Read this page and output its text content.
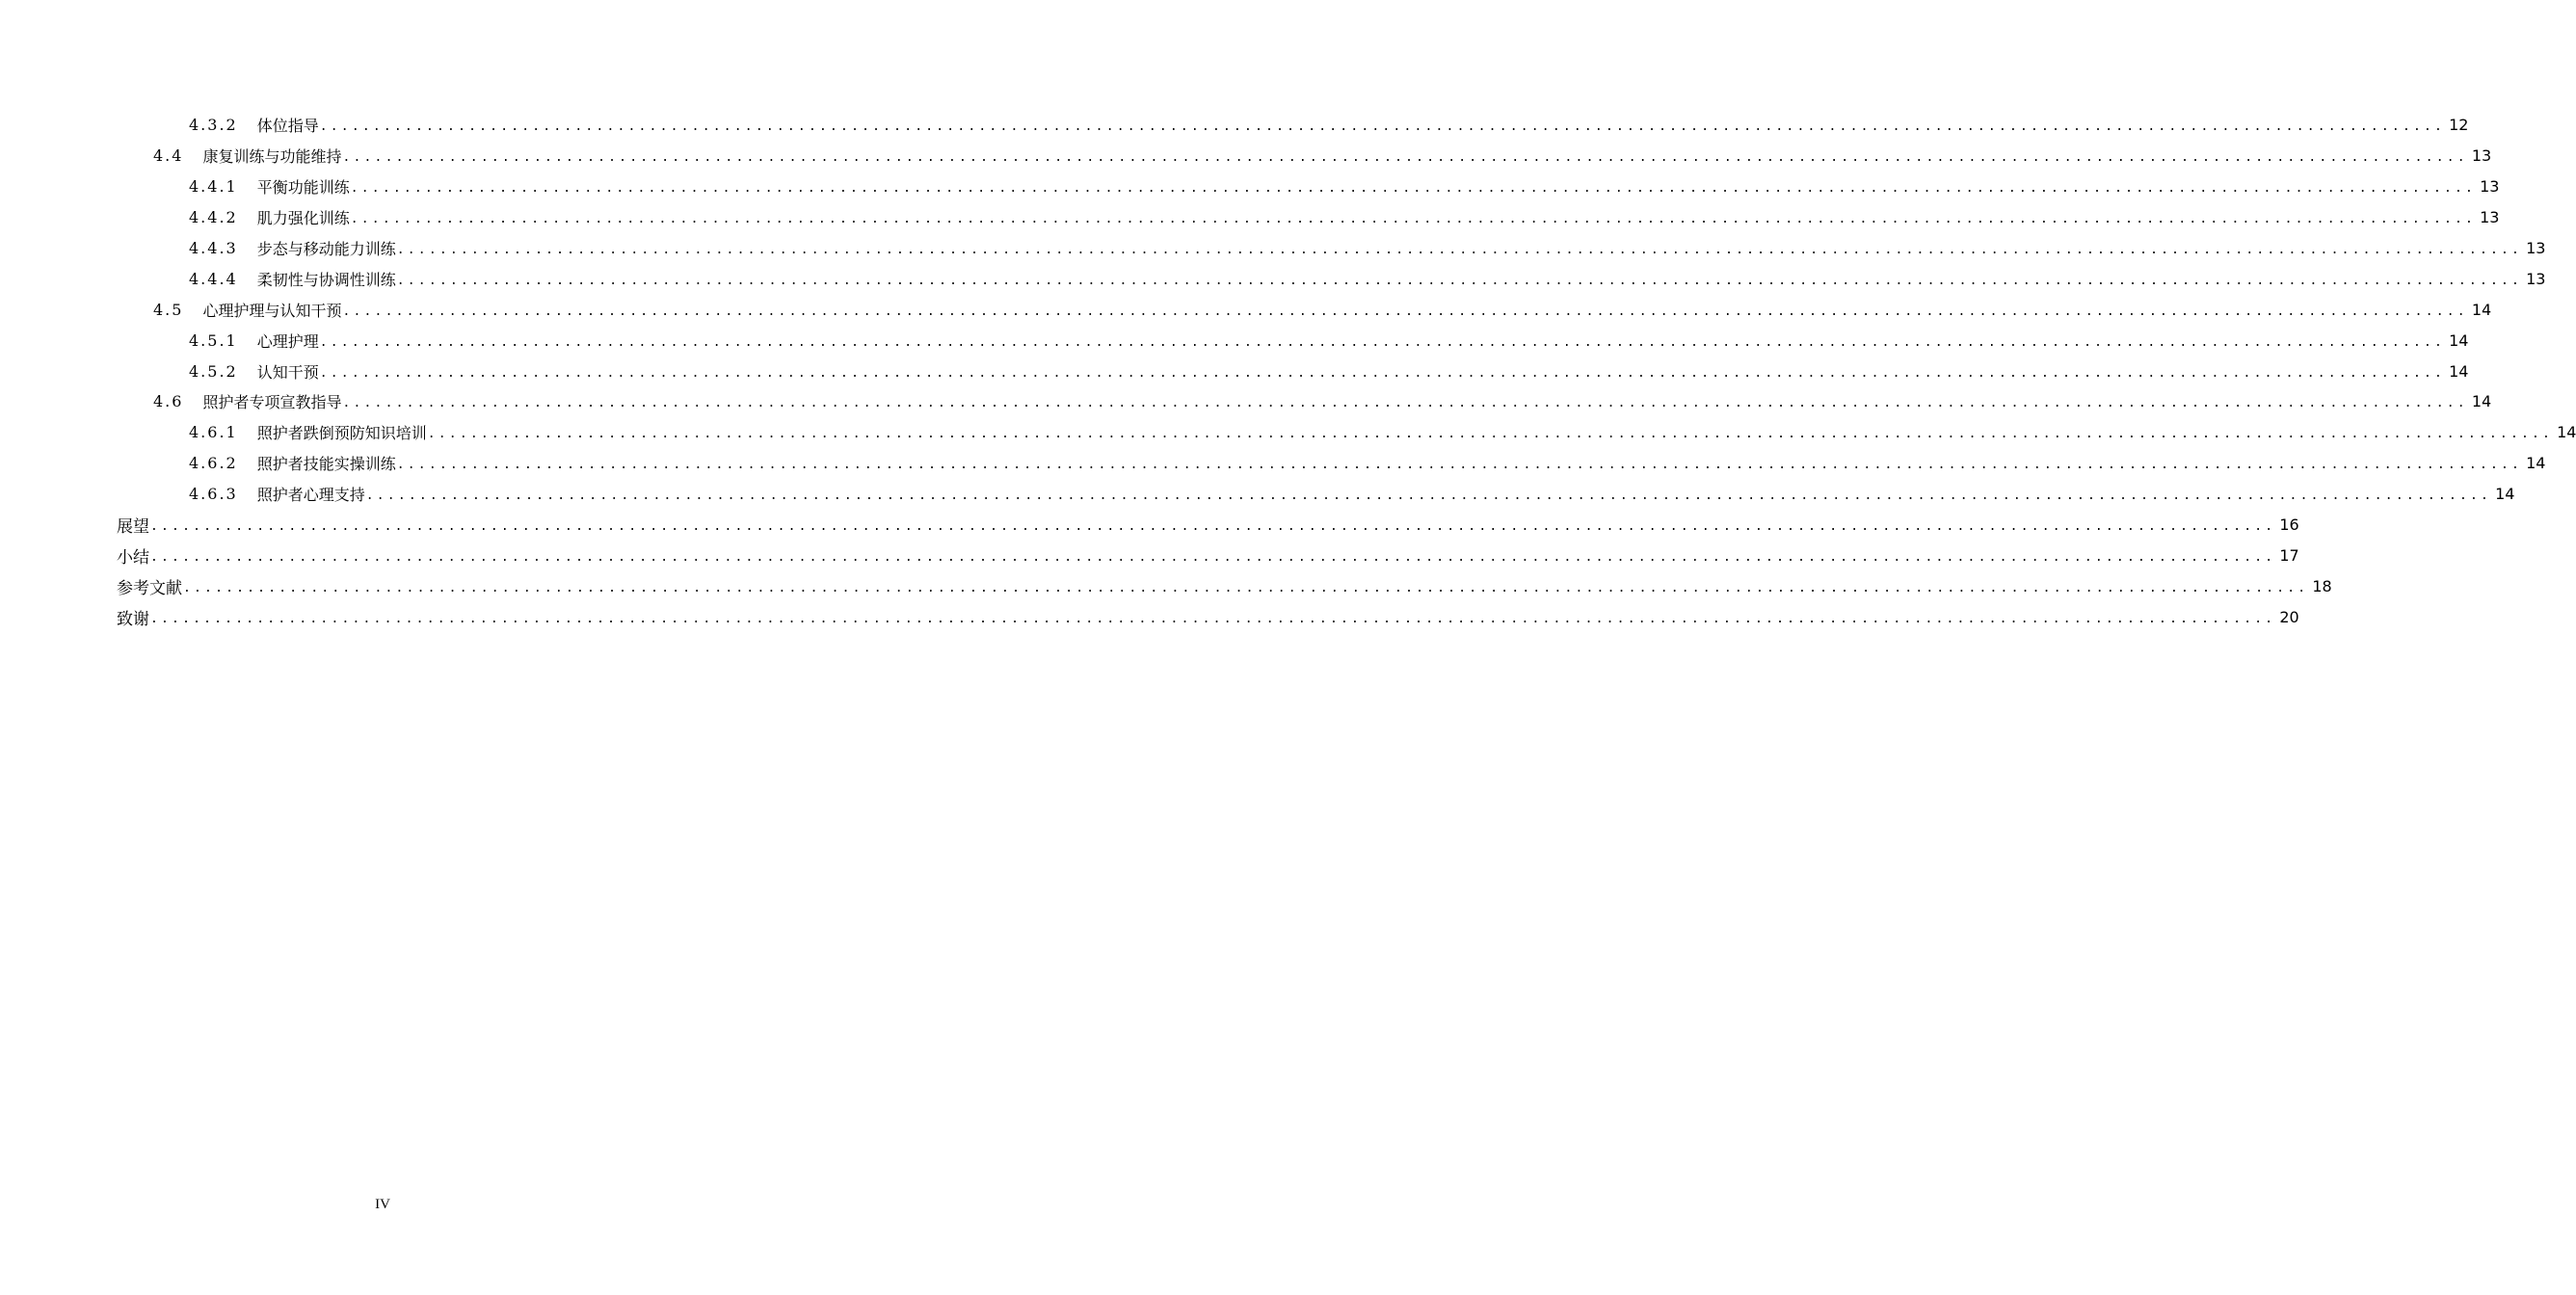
4.3.2 体位指导 ........................................................................................................................................................................................................ 12
4.4 康复训练与功能维持 ........................................................................................................................................................................................................ 13
4.4.1 平衡功能训练 ........................................................................................................................................................................................................ 13
4.4.2 肌力强化训练 ........................................................................................................................................................................................................ 13
4.4.3 步态与移动能力训练 ........................................................................................................................................................................................................ 13
4.4.4 柔韧性与协调性训练 ........................................................................................................................................................................................................ 13
4.5 心理护理与认知干预 ........................................................................................................................................................................................................ 14
4.5.1 心理护理 ........................................................................................................................................................................................................ 14
4.5.2 认知干预 ........................................................................................................................................................................................................ 14
4.6 照护者专项宣教指导 ........................................................................................................................................................................................................ 14
4.6.1 照护者跌倒预防知识培训 ........................................................................................................................................................................................................ 14
4.6.2 照护者技能实操训练 ........................................................................................................................................................................................................ 14
4.6.3 照护者心理支持 ........................................................................................................................................................................................................ 14
展望 ........................................................................................................................................................................................................ 16
小结 ........................................................................................................................................................................................................ 17
参考文献 ........................................................................................................................................................................................................ 18
致谢 ........................................................................................................................................................................................................ 20
IV
